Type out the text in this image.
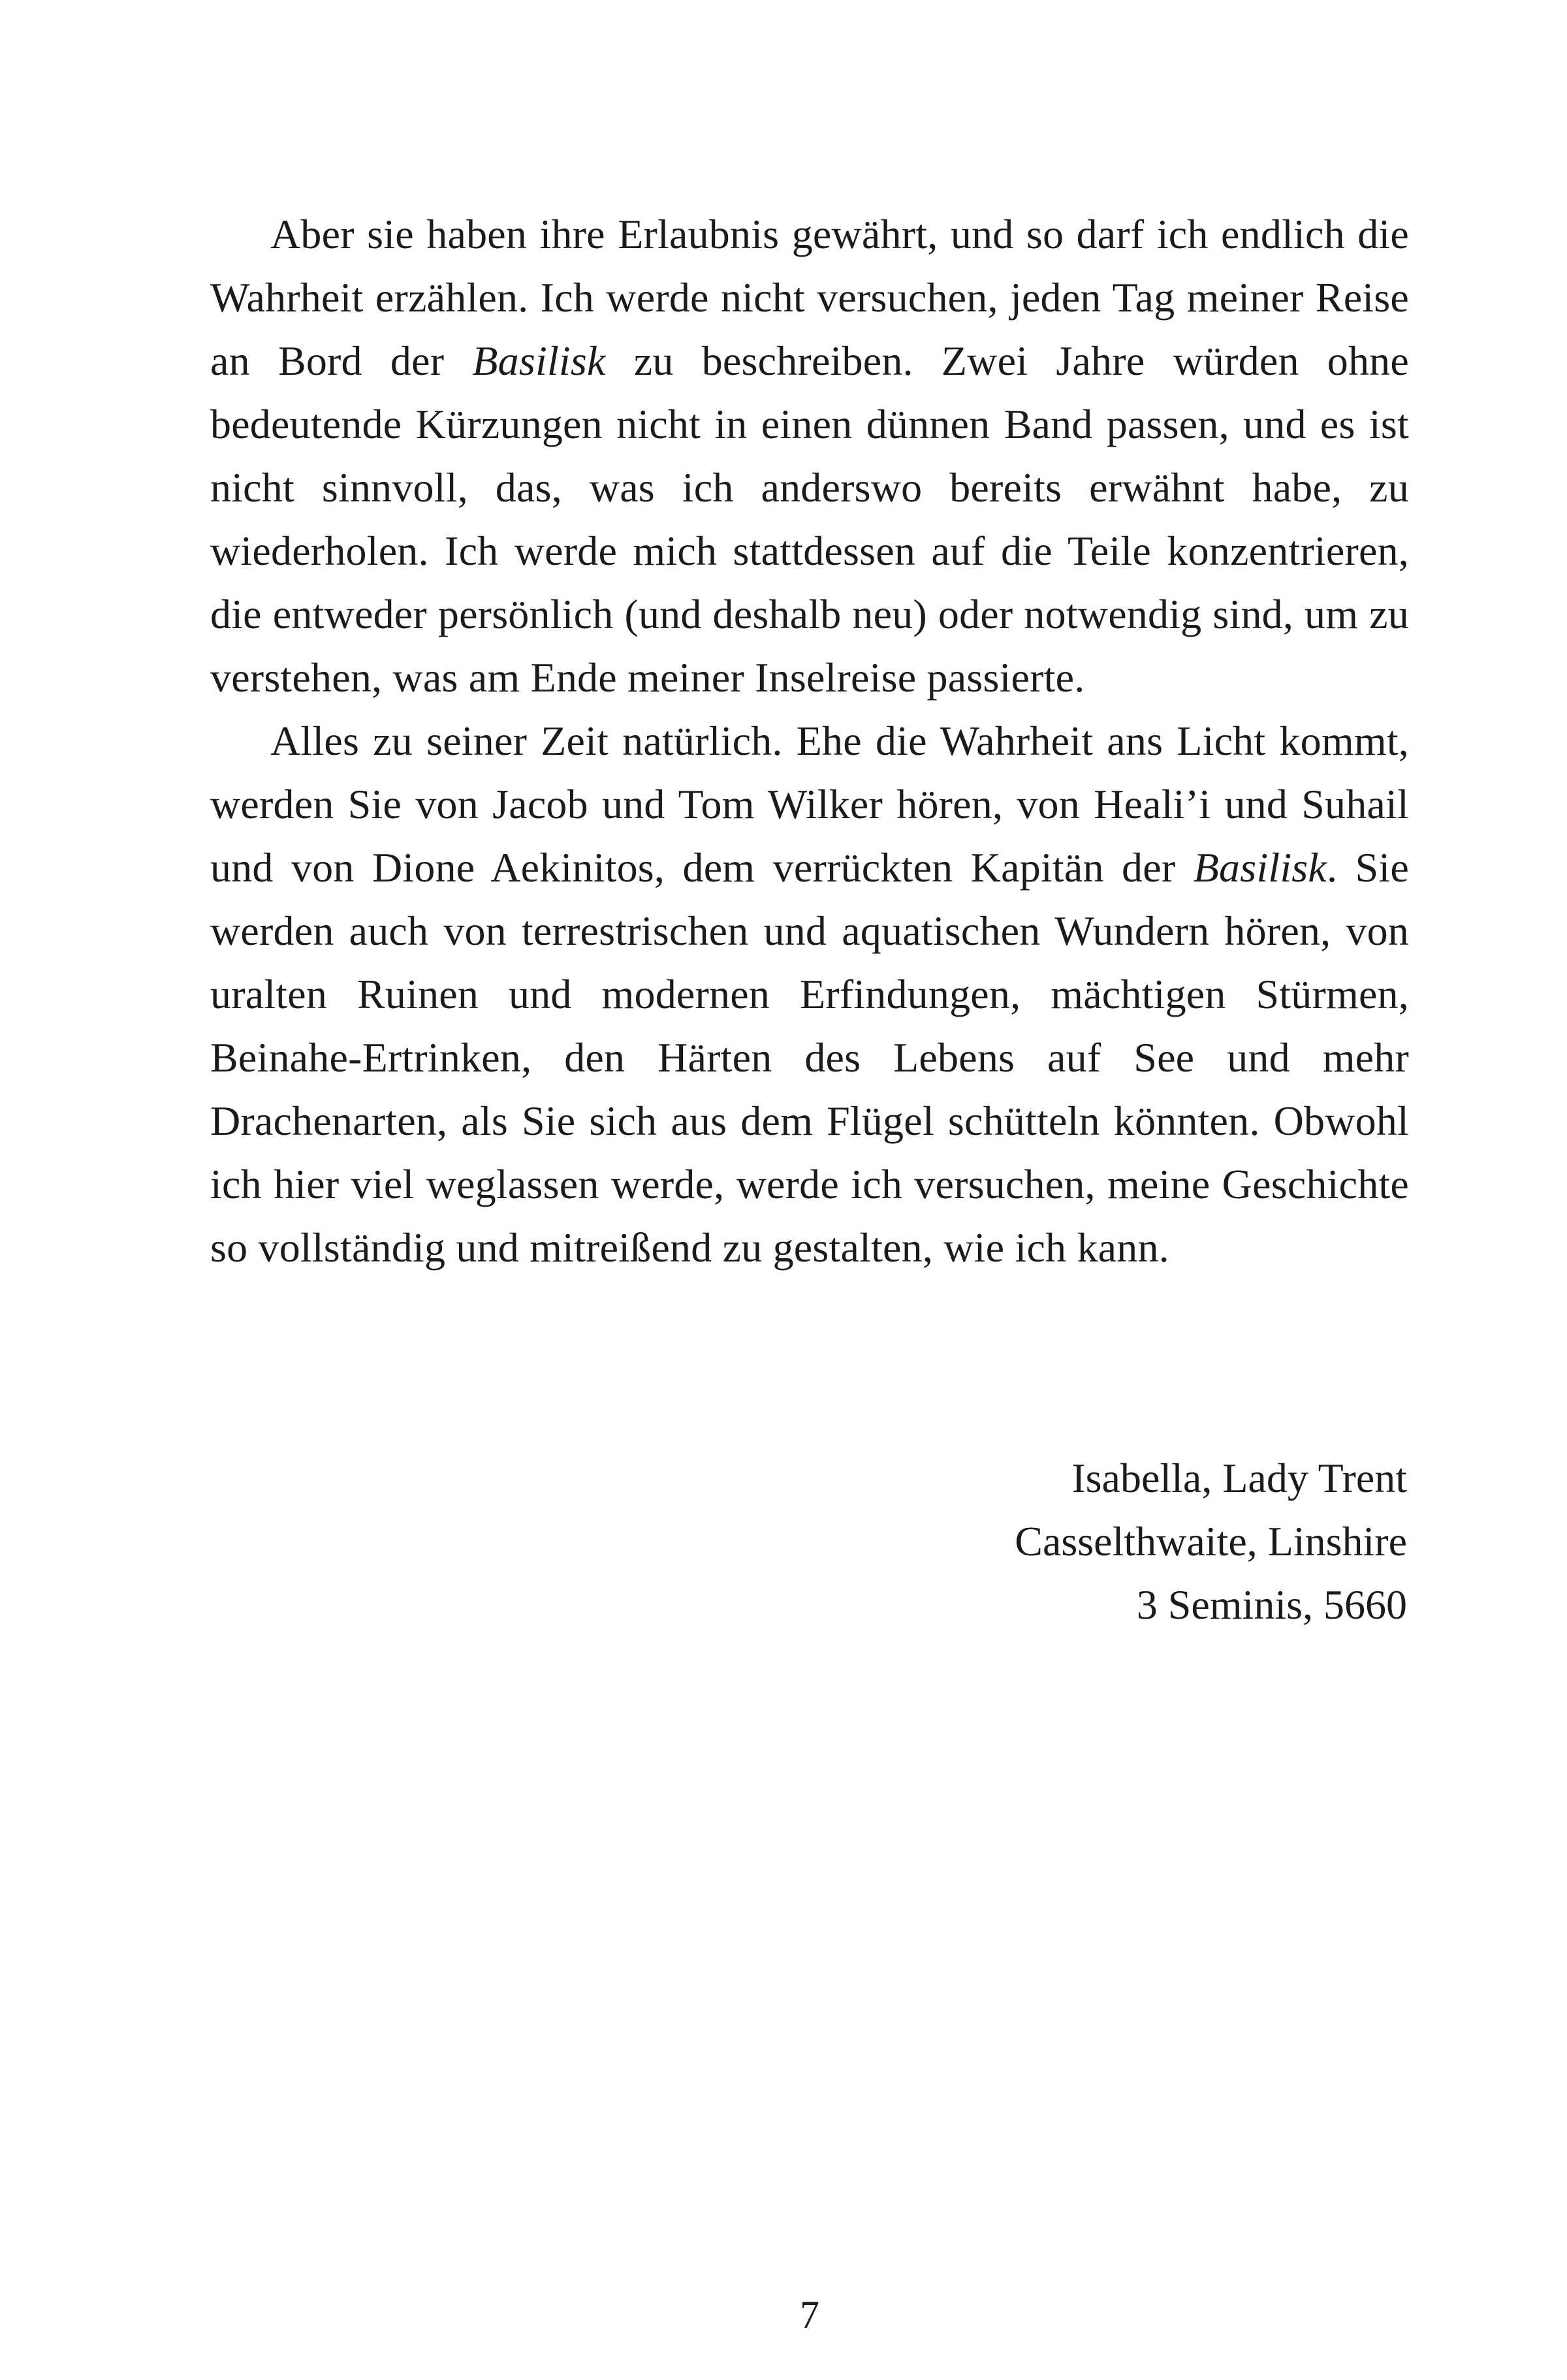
Aber sie haben ihre Erlaubnis gewährt, und so darf ich endlich die Wahrheit erzählen. Ich werde nicht versuchen, jeden Tag meiner Reise an Bord der Basilisk zu beschreiben. Zwei Jahre würden ohne bedeutende Kürzungen nicht in einen dünnen Band passen, und es ist nicht sinnvoll, das, was ich anderswo bereits erwähnt habe, zu wiederholen. Ich werde mich stattdessen auf die Teile konzentrieren, die entweder persönlich (und deshalb neu) oder notwendig sind, um zu verstehen, was am Ende meiner Inselreise passierte.

Alles zu seiner Zeit natürlich. Ehe die Wahrheit ans Licht kommt, werden Sie von Jacob und Tom Wilker hören, von Heali’i und Suhail und von Dione Aekinitos, dem verrückten Kapitän der Basilisk. Sie werden auch von terrestrischen und aquatischen Wundern hören, von uralten Ruinen und modernen Erfindungen, mächtigen Stürmen, Beinahe-Ertrinken, den Härten des Lebens auf See und mehr Drachenarten, als Sie sich aus dem Flügel schütteln könnten. Obwohl ich hier viel weglassen werde, werde ich versuchen, meine Geschichte so vollständig und mitreißend zu gestalten, wie ich kann.

Isabella, Lady Trent
Casselthwaite, Linshire
3 Seminis, 5660
7
